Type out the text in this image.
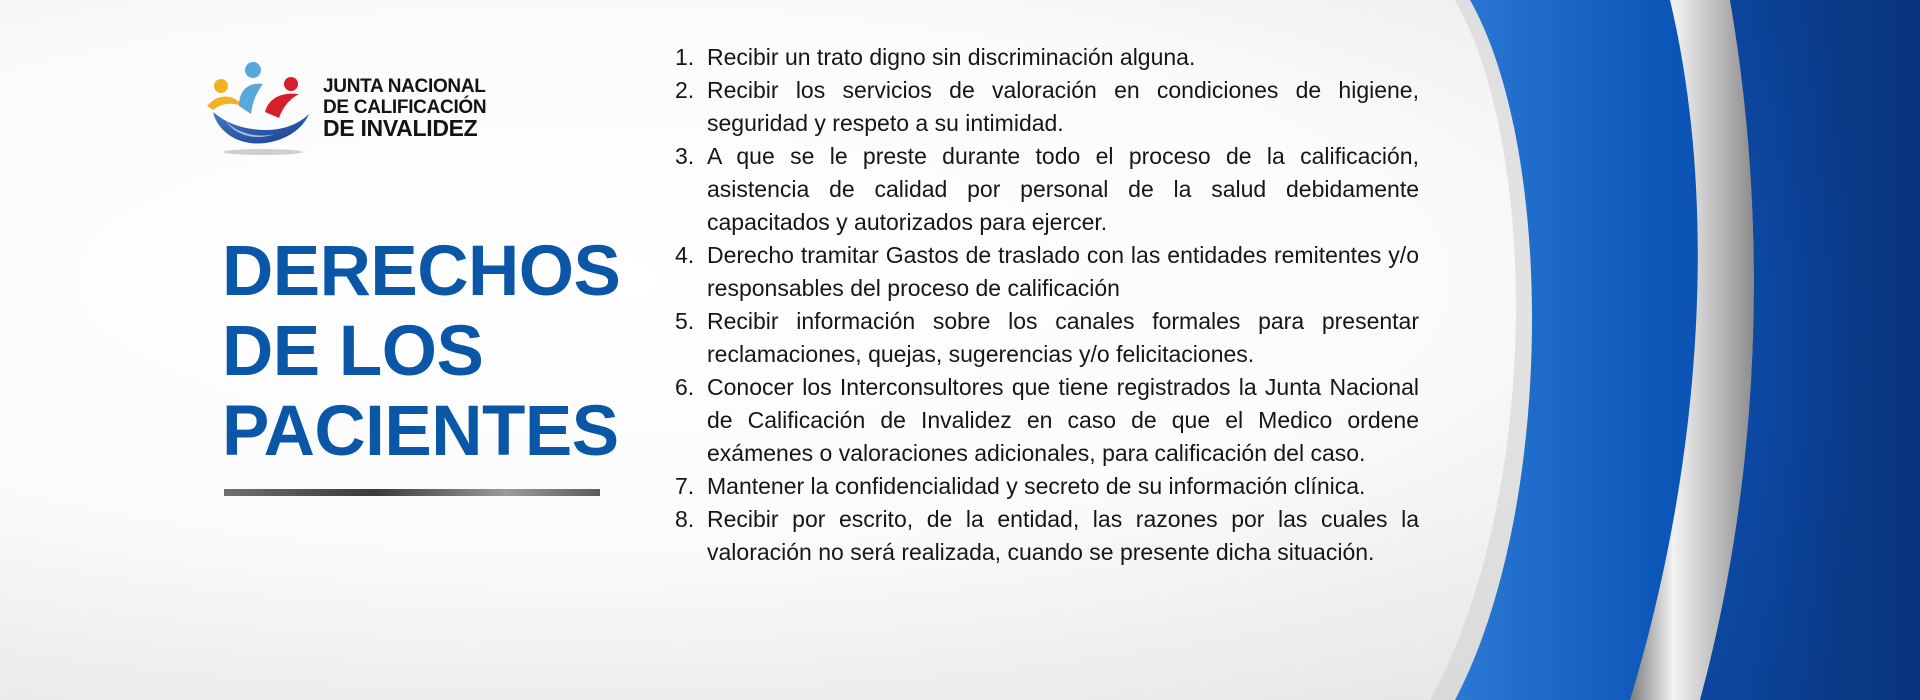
JUNTA NACIONAL
DE CALIFICACIÓN
DE INVALIDEZ
DERECHOS
DE LOS
PACIENTES
1. Recibir un trato digno sin discriminación alguna.
2. Recibir los servicios de valoración en condiciones de higiene, seguridad y respeto a su intimidad.
3. A que se le preste durante todo el proceso de la calificación, asistencia de calidad por personal de la salud debidamente capacitados y autorizados para ejercer.
4. Derecho tramitar Gastos de traslado con las entidades remitentes y/o responsables del proceso de calificación
5. Recibir información sobre los canales formales para presentar reclamaciones, quejas, sugerencias y/o felicitaciones.
6. Conocer los Interconsultores que tiene registrados la Junta Nacional de Calificación de Invalidez en caso de que el Medico ordene exámenes o valoraciones adicionales, para calificación del caso.
7. Mantener la confidencialidad y secreto de su información clínica.
8. Recibir por escrito, de la entidad, las razones por las cuales la valoración no será realizada, cuando se presente dicha situación.
